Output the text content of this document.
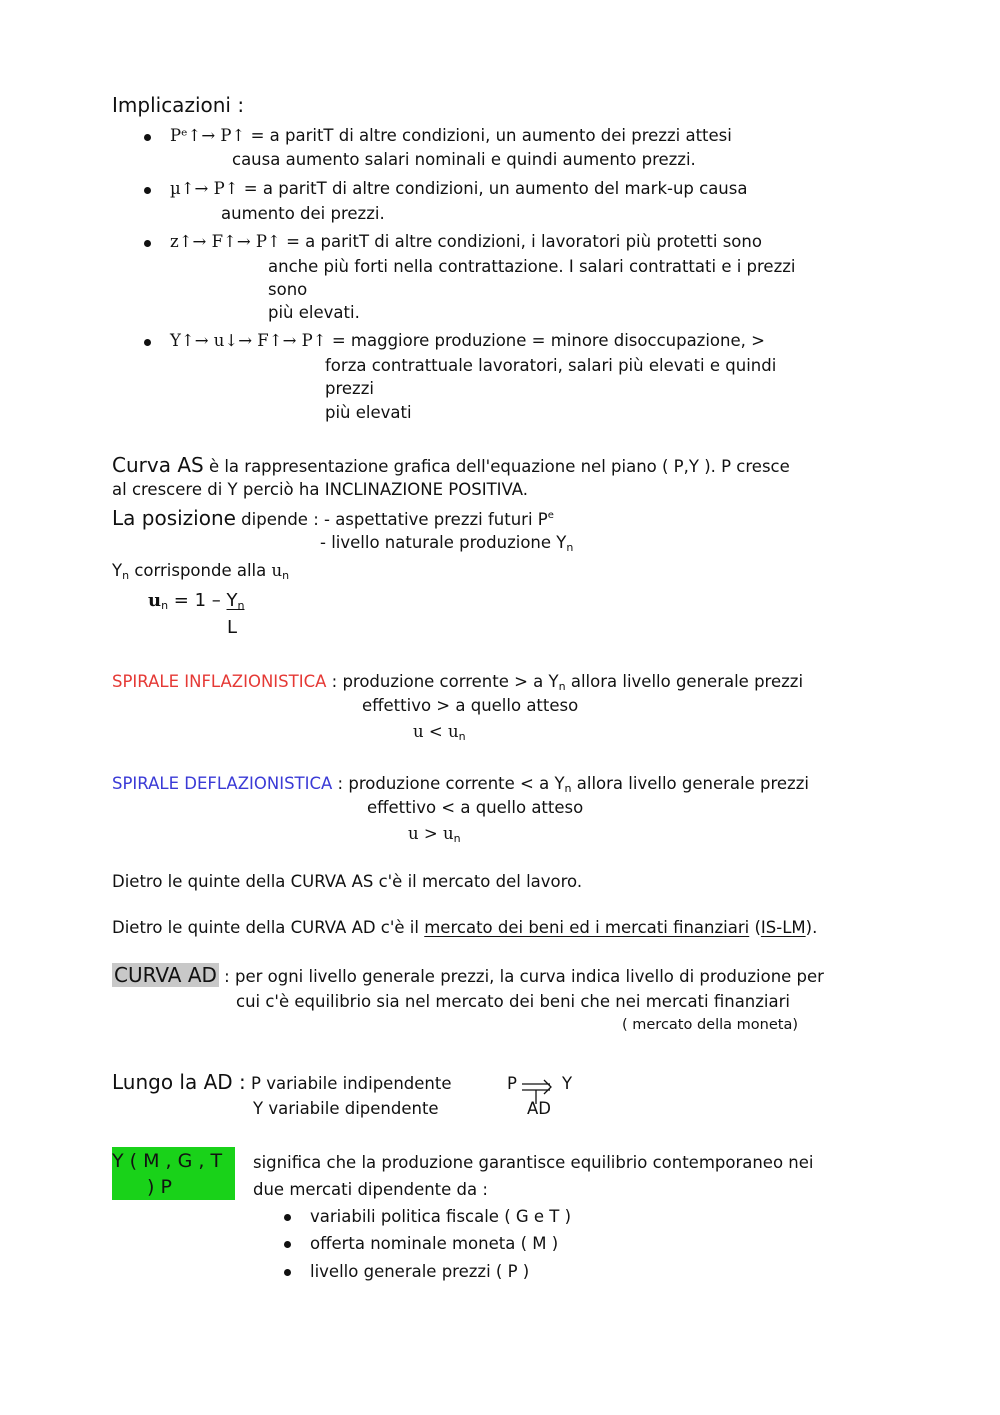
Implicazioni :
Pᵉ↑→ P↑ = a paritT di altre condizioni, un aumento dei prezzi attesi
causa aumento salari nominali e quindi aumento prezzi.
µ↑→ P↑ = a paritT di altre condizioni, un aumento del mark-up causa
aumento dei prezzi.
z↑→ F↑→ P↑ = a paritT di altre condizioni, i lavoratori più protetti sono
anche più forti nella contrattazione. I salari contrattati e i prezzi
sono
più elevati.
Y↑→ u↓→ F↑→ P↑ = maggiore produzione = minore disoccupazione, >
forza contrattuale lavoratori, salari più elevati e quindi
prezzi
più elevati
Curva AS è la rappresentazione grafica dell'equazione nel piano ( P,Y ). P cresce
al crescere di Y perciò ha INCLINAZIONE POSITIVA.
La posizione dipende : - aspettative prezzi futuri $P^e$
- livello naturale produzione $Y_n$
$Y_n$ corrisponde alla $u_n$
$u_n = 1 - Y_n$
L
SPIRALE INFLAZIONISTICA : produzione corrente > a $Y_n$ allora livello generale prezzi
effettivo > a quello atteso
$u < u_n$
SPIRALE DEFLAZIONISTICA : produzione corrente < a $Y_n$ allora livello generale prezzi
effettivo < a quello atteso
$u > u_n$
Dietro le quinte della CURVA AS c'è il mercato del lavoro.
Dietro le quinte della CURVA AD c'è il mercato dei beni ed i mercati finanziari (IS-LM).
CURVA AD : per ogni livello generale prezzi, la curva indica livello di produzione per
cui c'è equilibrio sia nel mercato dei beni che nei mercati finanziari
( mercato della moneta)
Lungo la AD : P variabile indipendente
Y variabile dipendente
P	Y
AD
Y ( M , G , T
) P
significa che la produzione garantisce equilibrio contemporaneo nei
due mercati dipendente da :
variabili politica fiscale ( G e T )
offerta nominale moneta ( M )
livello generale prezzi ( P )
